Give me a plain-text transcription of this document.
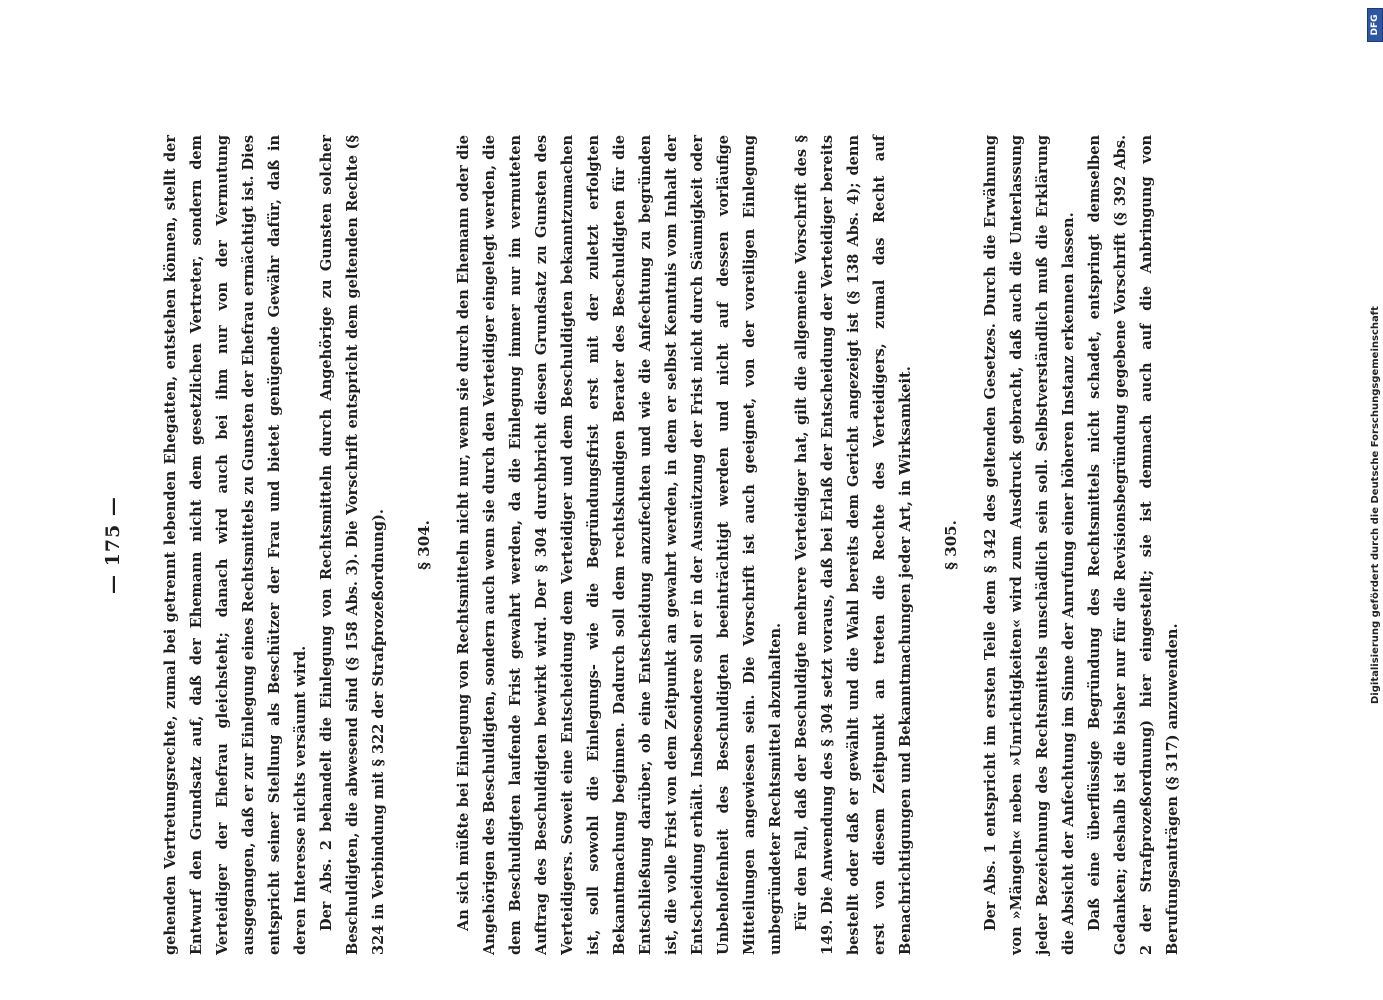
— 175 —	gehenden Vertretungsrechte, zumal bei getrennt lebenden Ehegatten, entstehen können, stellt der Entwurf den Grundsatz auf, daß der Ehemann nicht dem gesetzlichen Vertreter, sondern dem Verteidiger der Ehefrau gleichsteht; danach wird auch bei ihm nur von der Vermutung ausgegangen, daß er zur Einlegung eines Rechtsmittels zu Gunsten der Ehefrau ermächtigt ist. Dies entspricht seiner Stellung als Beschützer der Frau und bietet genügende Gewähr dafür, daß in deren Interesse nichts versäumt wird. Der Abs. 2 behandelt die Einlegung von Rechtsmitteln durch Angehörige zu Gunsten solcher Beschuldigten, die abwesend sind (§ 158 Abs. 3). Die Vorschrift entspricht dem geltenden Rechte (§ 324 in Verbindung mit § 322 der Strafprozeßordnung).	§ 304. An sich müßte bei Einlegung von Rechtsmitteln nicht nur, wenn sie durch den Ehemann oder die Angehörigen des Beschuldigten, sondern auch wenn sie durch den Verteidiger eingelegt werden, die dem Beschuldigten laufende Frist gewahrt werden, da die Einlegung immer nur im vermuteten Auftrag des Beschuldigten bewirkt wird. Der § 304 durchbricht diesen Grundsatz zu Gunsten des Verteidigers. Soweit eine Entscheidung dem Verteidiger und dem Beschuldigten bekanntzumachen ist, soll sowohl die Einlegungs- wie die Begründungsfrist erst mit der zuletzt erfolgten Bekanntmachung beginnen. Dadurch soll dem rechtskundigen Berater des Beschuldigten für die Entschließung darüber, ob eine Entscheidung anzufechten und wie die Anfechtung zu begründen ist, die volle Frist von dem Zeitpunkt an gewahrt werden, in dem er selbst Kenntnis vom Inhalt der Entscheidung erhält. Insbesondere soll er in der Ausnützung der Frist nicht durch Säumigkeit oder Unbeholfenheit des Beschuldigten beeinträchtigt werden und nicht auf dessen vorläufige Mitteilungen angewiesen sein. Die Vorschrift ist auch geeignet, von der voreiligen Einlegung unbegründeter Rechtsmittel abzuhalten. Für den Fall, daß der Beschuldigte mehrere Verteidiger hat, gilt die allgemeine Vorschrift des § 149. Die Anwendung des § 304 setzt voraus, daß bei Erlaß der Entscheidung der Verteidiger bereits bestellt oder daß er gewählt und die Wahl bereits dem Gericht angezeigt ist (§ 138 Abs. 4); denn erst von diesem Zeitpunkt an treten die Rechte des Verteidigers, zumal das Recht auf Benachrichtigungen und Bekanntmachungen jeder Art, in Wirksamkeit.	§ 305. Der Abs. 1 entspricht im ersten Teile dem § 342 des geltenden Gesetzes. Durch die Erwähnung von »Mängeln« neben »Unrichtigkeiten« wird zum Ausdruck gebracht, daß auch die Unterlassung jeder Bezeichnung des Rechtsmittels unschädlich sein soll. Selbstverständlich muß die Erklärung die Absicht der Anfechtung im Sinne der Anrufung einer höheren Instanz erkennen lassen. Daß eine überflüssige Begründung des Rechtsmittels nicht schadet, entspringt demselben Gedanken; deshalb ist die bisher nur für die Revisionsbegründung gegebene Vorschrift (§ 392 Abs. 2 der Strafprozeßordnung) hier eingestellt; sie ist demnach auch auf die Anbringung von Berufungsanträgen (§ 317) anzuwenden.

DFG
Digitalisierung gefördert durch die Deutsche Forschungsgemeinschaft
